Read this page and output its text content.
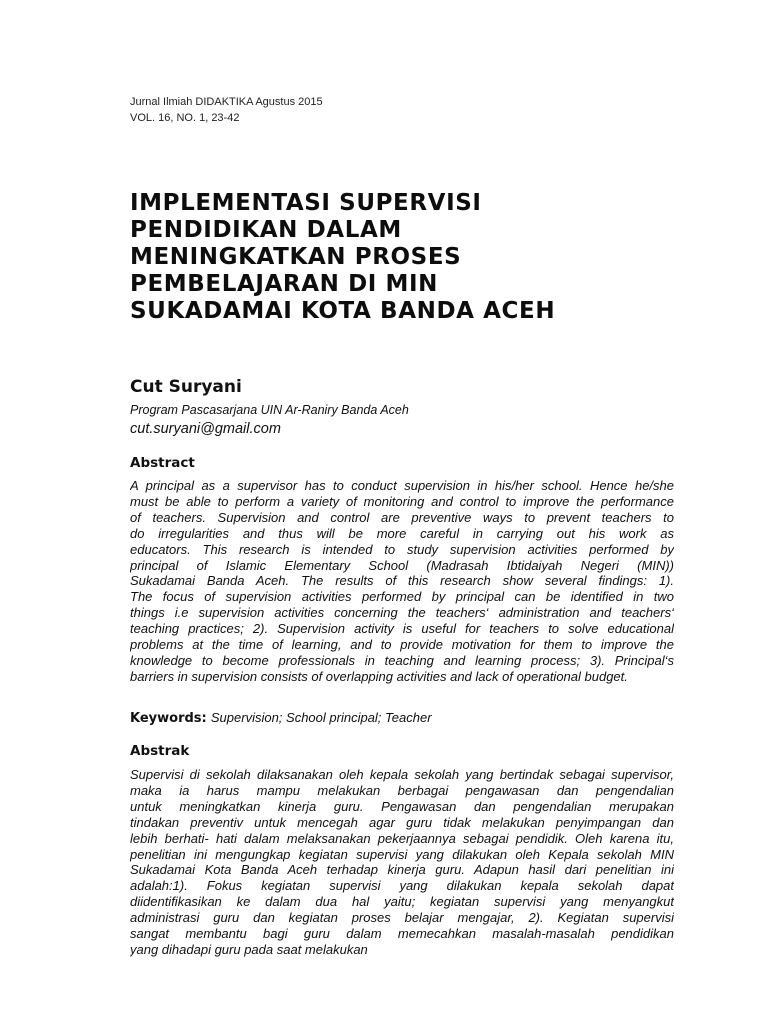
Jurnal Ilmiah DIDAKTIKA Agustus 2015
VOL. 16, NO. 1, 23-42
IMPLEMENTASI SUPERVISI
PENDIDIKAN DALAM
MENINGKATKAN PROSES
PEMBELAJARAN DI MIN
SUKADAMAI KOTA BANDA ACEH
Cut Suryani
Program Pascasarjana UIN Ar-Raniry Banda Aceh
cut.suryani@gmail.com
Abstract
A principal as a supervisor has to conduct supervision in his/her school. Hence he/she
must be able to perform a variety of monitoring and control to improve the performance
of teachers. Supervision and control are preventive ways to prevent teachers to
do irregularities and thus will be more careful in carrying out his work as
educators. This research is intended to study supervision activities performed by
principal of Islamic Elementary School (Madrasah Ibtidaiyah Negeri (MIN))
Sukadamai Banda Aceh. The results of this research show several findings: 1).
The focus of supervision activities performed by principal can be identified in two
things i.e supervision activities concerning the teachers‘ administration and teachers‘
teaching practices; 2). Supervision activity is useful for teachers to solve educational
problems at the time of learning, and to provide motivation for them to improve the
knowledge to become professionals in teaching and learning process; 3). Principal‘s
barriers in supervision consists of overlapping activities and lack of operational budget.
Keywords: Supervision; School principal; Teacher
Abstrak
Supervisi di sekolah dilaksanakan oleh kepala sekolah yang bertindak sebagai supervisor,
maka ia harus mampu melakukan berbagai pengawasan dan pengendalian
untuk meningkatkan kinerja guru. Pengawasan dan pengendalian merupakan
tindakan preventiv untuk mencegah agar guru tidak melakukan penyimpangan dan
lebih berhati- hati dalam melaksanakan pekerjaannya sebagai pendidik. Oleh karena itu,
penelitian ini mengungkap kegiatan supervisi yang dilakukan oleh Kepala sekolah MIN
Sukadamai Kota Banda Aceh terhadap kinerja guru. Adapun hasil dari penelitian ini
adalah:1). Fokus kegiatan supervisi yang dilakukan kepala sekolah dapat
diidentifikasikan ke dalam dua hal yaitu; kegiatan supervisi yang menyangkut
administrasi guru dan kegiatan proses belajar mengajar, 2). Kegiatan supervisi
sangat membantu bagi guru dalam memecahkan masalah-masalah pendidikan
yang dihadapi guru pada saat melakukan
